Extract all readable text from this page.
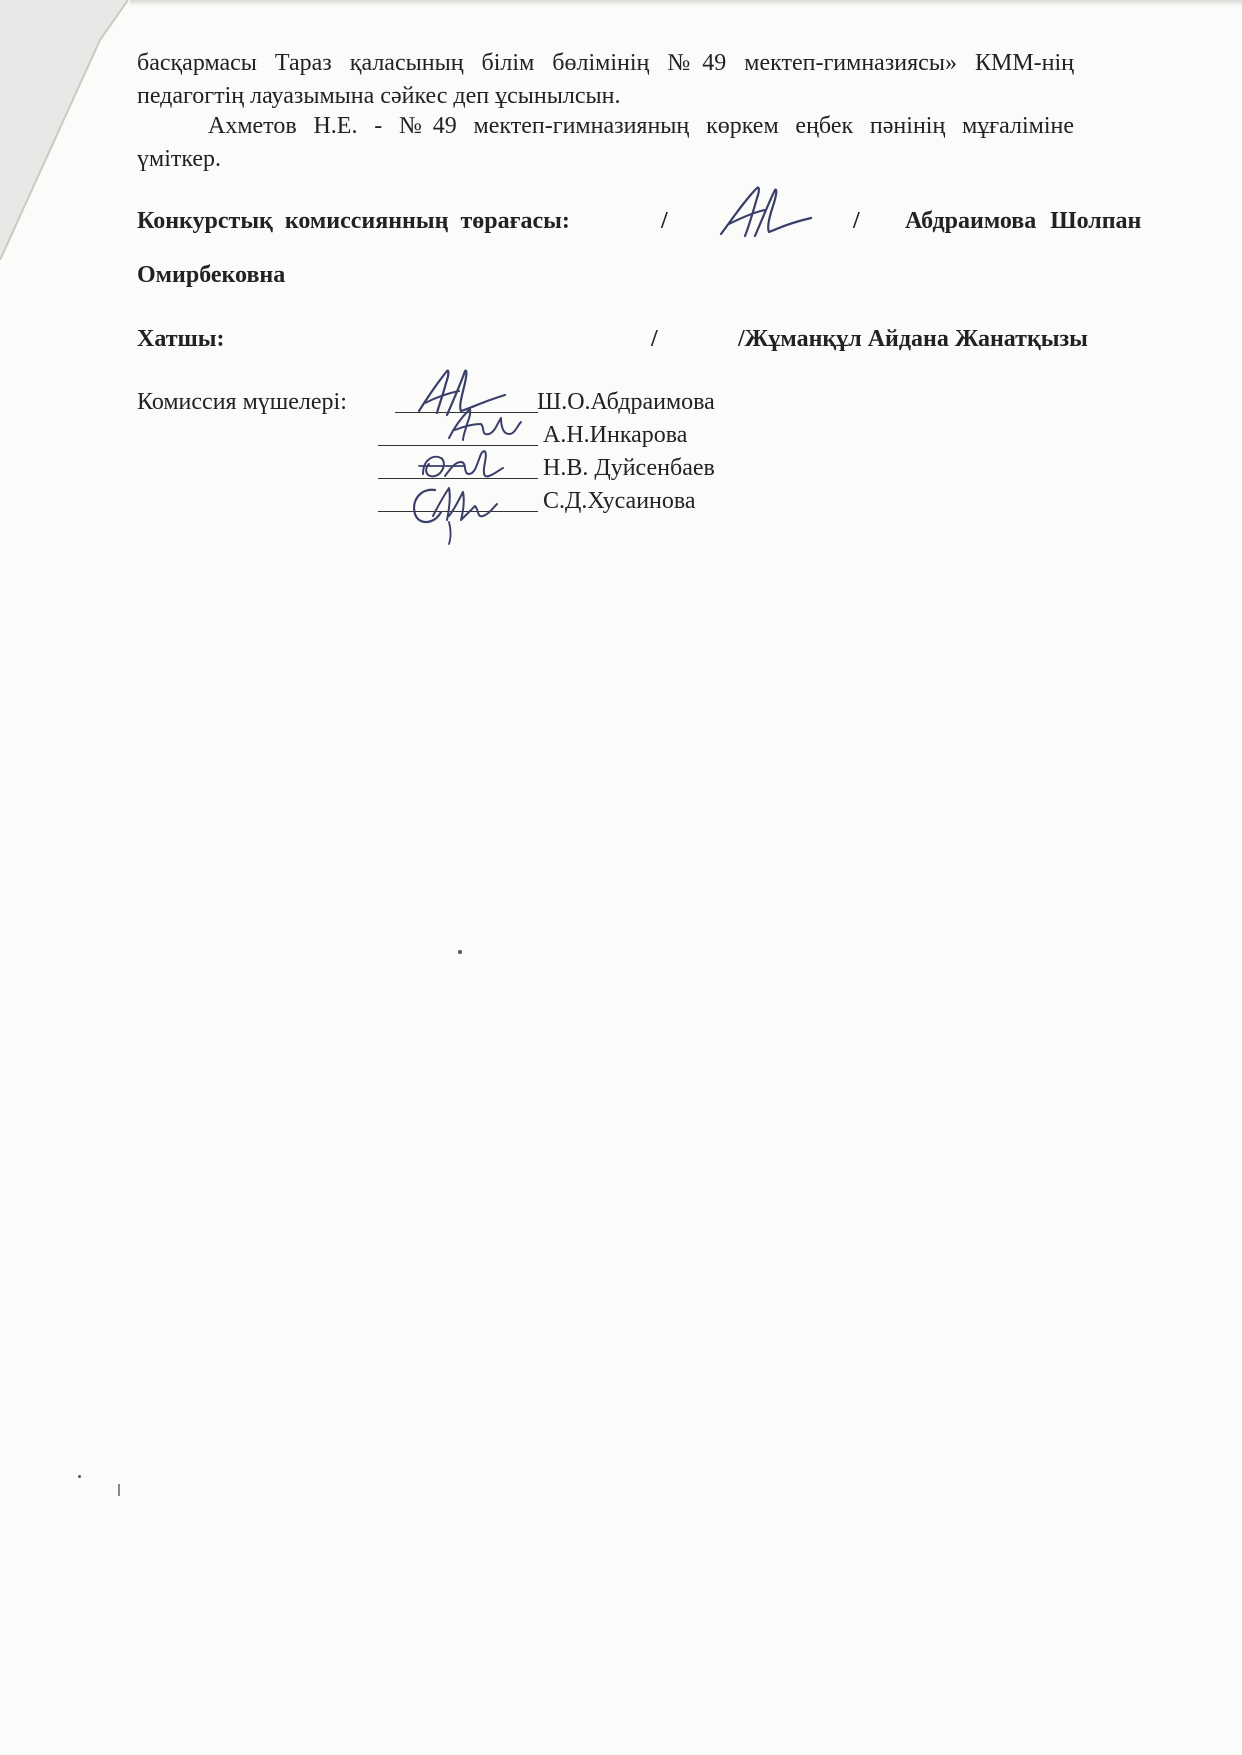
басқармасы Тараз қаласының білім бөлімінің №49 мектеп-гимназиясы» КММ-нің
педагогтің лауазымына сәйкес деп ұсынылсын.
Ахметов Н.Е. - №49 мектеп-гимназияның көркем еңбек пәнінің мұғаліміне
үміткер.
Конкурстық комиссиянның төрағасы:	/	/ Абдраимова Шолпан
Омирбековна
Хатшы:	/	/Жұманқұл Айдана Жанатқызы
Комиссия мүшелері:	Ш.О.Абдраимова
А.Н.Инкарова
Н.В. Дуйсенбаев
С.Д.Хусаинова
